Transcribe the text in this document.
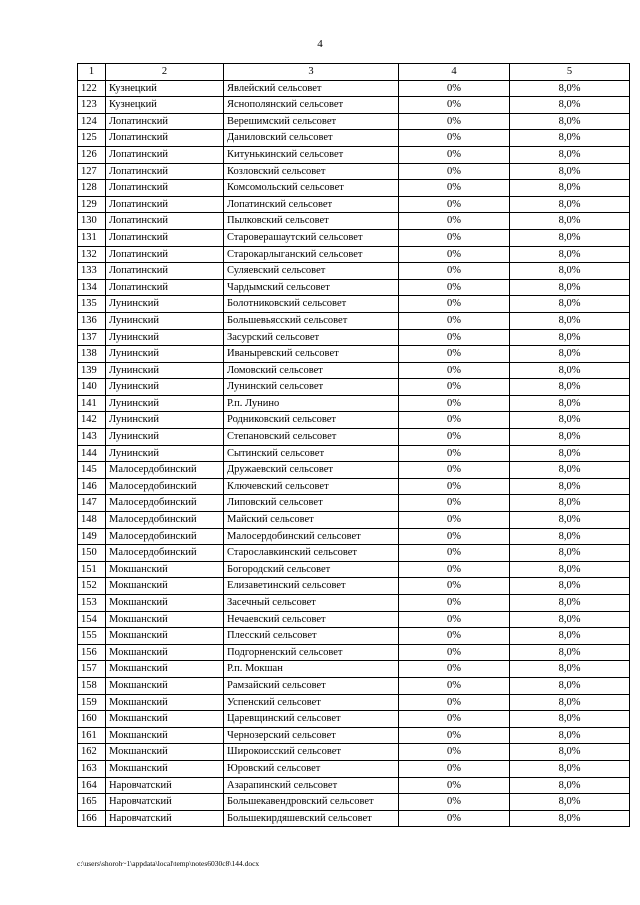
4
1	2	3	4	5
122	Кузнецкий	Явлейский сельсовет	0%	8,0%
123	Кузнецкий	Яснополянский сельсовет	0%	8,0%
124	Лопатинский	Верешимский сельсовет	0%	8,0%
125	Лопатинский	Даниловский сельсовет	0%	8,0%
126	Лопатинский	Китунькинский сельсовет	0%	8,0%
127	Лопатинский	Козловский сельсовет	0%	8,0%
128	Лопатинский	Комсомольский сельсовет	0%	8,0%
129	Лопатинский	Лопатинский сельсовет	0%	8,0%
130	Лопатинский	Пылковский сельсовет	0%	8,0%
131	Лопатинский	Староверашаутский сельсовет	0%	8,0%
132	Лопатинский	Старокарлыганский сельсовет	0%	8,0%
133	Лопатинский	Суляевский сельсовет	0%	8,0%
134	Лопатинский	Чардымский сельсовет	0%	8,0%
135	Лунинский	Болотниковский сельсовет	0%	8,0%
136	Лунинский	Большевьясский сельсовет	0%	8,0%
137	Лунинский	Засурский сельсовет	0%	8,0%
138	Лунинский	Иваныревский сельсовет	0%	8,0%
139	Лунинский	Ломовский сельсовет	0%	8,0%
140	Лунинский	Лунинский сельсовет	0%	8,0%
141	Лунинский	Р.п. Лунино	0%	8,0%
142	Лунинский	Родниковский сельсовет	0%	8,0%
143	Лунинский	Степановский сельсовет	0%	8,0%
144	Лунинский	Сытинский сельсовет	0%	8,0%
145	Малосердобинский	Дружаевский сельсовет	0%	8,0%
146	Малосердобинский	Ключевский сельсовет	0%	8,0%
147	Малосердобинский	Липовский сельсовет	0%	8,0%
148	Малосердобинский	Майский сельсовет	0%	8,0%
149	Малосердобинский	Малосердобинский сельсовет	0%	8,0%
150	Малосердобинский	Старославкинский сельсовет	0%	8,0%
151	Мокшанский	Богородский сельсовет	0%	8,0%
152	Мокшанский	Елизаветинский сельсовет	0%	8,0%
153	Мокшанский	Засечный сельсовет	0%	8,0%
154	Мокшанский	Нечаевский сельсовет	0%	8,0%
155	Мокшанский	Плесский сельсовет	0%	8,0%
156	Мокшанский	Подгорненский сельсовет	0%	8,0%
157	Мокшанский	Р.п. Мокшан	0%	8,0%
158	Мокшанский	Рамзайский сельсовет	0%	8,0%
159	Мокшанский	Успенский сельсовет	0%	8,0%
160	Мокшанский	Царевщинский сельсовет	0%	8,0%
161	Мокшанский	Чернозерский сельсовет	0%	8,0%
162	Мокшанский	Широкоисский сельсовет	0%	8,0%
163	Мокшанский	Юровский сельсовет	0%	8,0%
164	Наровчатский	Азарапинский сельсовет	0%	8,0%
165	Наровчатский	Большекавендровский сельсовет	0%	8,0%
166	Наровчатский	Большекирдяшевский сельсовет	0%	8,0%
c:\users\shoroh~1\appdata\local\temp\notes6030c8\144.docx
